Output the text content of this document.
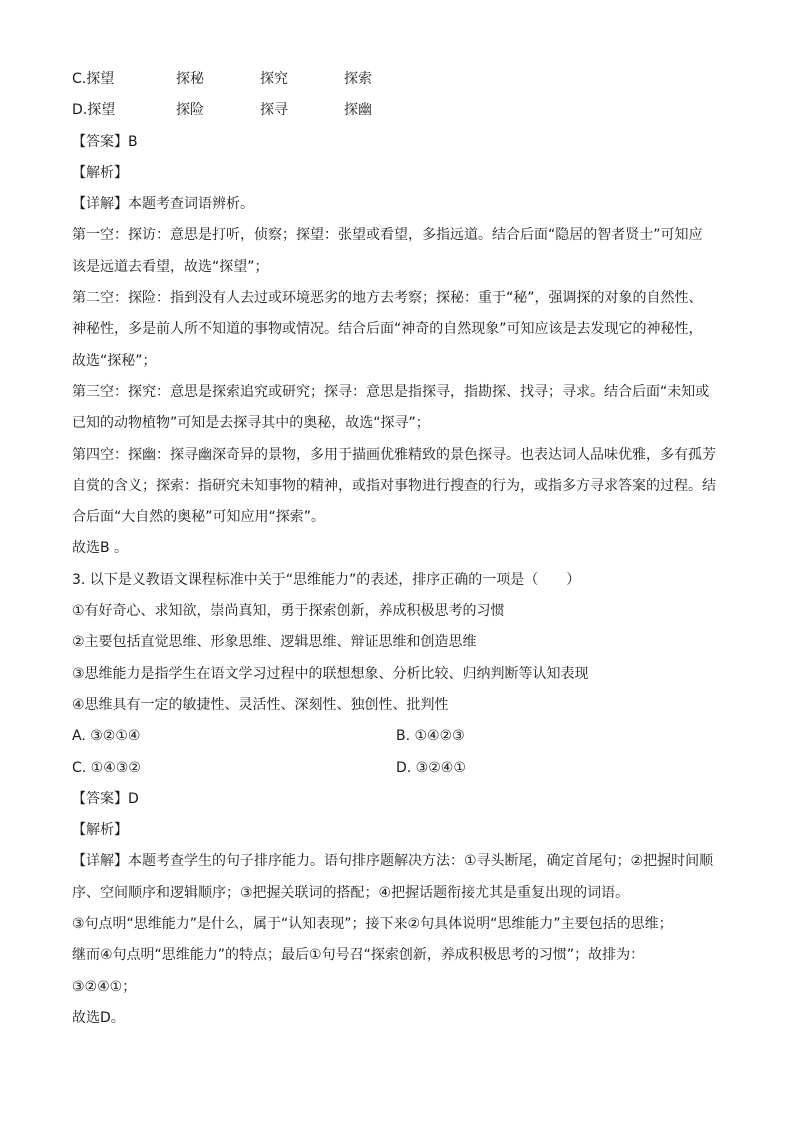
C.探望	探秘	探究	探索
D.探望	探险	探寻	探幽
【答案】B
【解析】
【详解】本题考查词语辨析。
第一空：探访：意思是打听，侦察；探望：张望或看望，多指远道。结合后面“隐居的智者贤士”可知应
该是远道去看望，故选“探望”；
第二空：探险：指到没有人去过或环境恶劣的地方去考察；探秘：重于“秘”，强调探的对象的自然性、
神秘性，多是前人所不知道的事物或情况。结合后面“神奇的自然现象”可知应该是去发现它的神秘性，
故选“探秘”；
第三空：探究：意思是探索追究或研究；探寻：意思是指探寻，指勘探、找寻；寻求。结合后面“未知或
已知的动物植物”可知是去探寻其中的奥秘，故选“探寻”；
第四空：探幽：探寻幽深奇异的景物，多用于描画优雅精致的景色探寻。也表达词人品味优雅，多有孤芳
自赏的含义；探索：指研究未知事物的精神，或指对事物进行搜查的行为，或指多方寻求答案的过程。结
合后面“大自然的奥秘”可知应用“探索”。
故选B 。
3. 以下是义教语文课程标准中关于“思维能力”的表述，排序正确的一项是（　　）
①有好奇心、求知欲，崇尚真知，勇于探索创新，养成积极思考的习惯
②主要包括直觉思维、形象思维、逻辑思维、辩证思维和创造思维
③思维能力是指学生在语文学习过程中的联想想象、分析比较、归纳判断等认知表现
④思维具有一定的敏捷性、灵活性、深刻性、独创性、批判性
A. ③②①④	B. ①④②③
C. ①④③②	D. ③②④①
【答案】D
【解析】
【详解】本题考查学生的句子排序能力。语句排序题解决方法：①寻头断尾，确定首尾句；②把握时间顺
序、空间顺序和逻辑顺序；③把握关联词的搭配；④把握话题衔接尤其是重复出现的词语。
③句点明“思维能力”是什么，属于“认知表现”；接下来②句具体说明“思维能力”主要包括的思维；
继而④句点明“思维能力”的特点；最后①句号召“探索创新，养成积极思考的习惯”；故排为：
③②④①；
故选D。
